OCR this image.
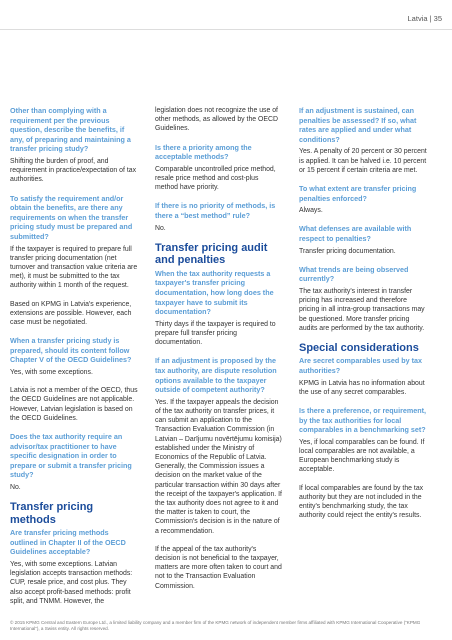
Latvia | 35

Other than complying with a requirement per the previous question, describe the benefits, if any, of preparing and maintaining a transfer pricing study?

Shifting the burden of proof, and requirement in practice/expectation of tax authorities.

To satisfy the requirement and/or obtain the benefits, are there any requirements on when the transfer pricing study must be prepared and submitted?

If the taxpayer is required to prepare full transfer pricing documentation (net turnover and transaction value criteria are met), it must be submitted to the tax authority within 1 month of the request.

Based on KPMG in Latvia's experience, extensions are possible. However, each case must be negotiated.

When a transfer pricing study is prepared, should its content follow Chapter V of the OECD Guidelines?

Yes, with some exceptions.

Latvia is not a member of the OECD, thus the OECD Guidelines are not applicable. However, Latvian legislation is based on the OECD Guidelines.

Does the tax authority require an advisor/tax practitioner to have specific designation in order to prepare or submit a transfer pricing study?

No.

Transfer pricing methods

Are transfer pricing methods outlined in Chapter II of the OECD Guidelines acceptable?

Yes, with some exceptions. Latvian legislation accepts transaction methods: CUP, resale price, and cost plus. They also accept profit-based methods: profit split, and TNMM. However, the

legislation does not recognize the use of other methods, as allowed by the OECD Guidelines.

Is there a priority among the acceptable methods?

Comparable uncontrolled price method, resale price method and cost-plus method have priority.

If there is no priority of methods, is there a “best method” rule?

No.

Transfer pricing audit and penalties

When the tax authority requests a taxpayer's transfer pricing documentation, how long does the taxpayer have to submit its documentation?

Thirty days if the taxpayer is required to prepare full transfer pricing documentation.

If an adjustment is proposed by the tax authority, are dispute resolution options available to the taxpayer outside of competent authority?

Yes. If the taxpayer appeals the decision of the tax authority on transfer prices, it can submit an application to the Transaction Evaluation Commission (in Latvian – Darījumu novērtējumu komisija) established under the Ministry of Economics of the Republic of Latvia. Generally, the Commission issues a decision on the market value of the particular transaction within 30 days after the receipt of the taxpayer's application. If the tax authority does not agree to it and the matter is taken to court, the Commission's decision is in the nature of a recommendation.

If the appeal of the tax authority's decision is not beneficial to the taxpayer, matters are more often taken to court and not to the Transaction Evaluation Commission.

If an adjustment is sustained, can penalties be assessed? If so, what rates are applied and under what conditions?

Yes. A penalty of 20 percent or 30 percent is applied. It can be halved i.e. 10 percent or 15 percent if certain criteria are met.

To what extent are transfer pricing penalties enforced?

Always.

What defenses are available with respect to penalties?

Transfer pricing documentation.

What trends are being observed currently?

The tax authority's interest in transfer pricing has increased and therefore pricing in all intra-group transactions may be questioned. More transfer pricing audits are performed by the tax authority.

Special considerations

Are secret comparables used by tax authorities?

KPMG in Latvia has no information about the use of any secret comparables.

Is there a preference, or requirement, by the tax authorities for local comparables in a benchmarking set?

Yes, if local comparables can be found. If local comparables are not available, a European benchmarking study is acceptable.

If local comparables are found by the tax authority but they are not included in the entity's benchmarking study, the tax authority could reject the entity's results.

© 2015 KPMG Central and Eastern Europe Ltd., a limited liability company and a member firm of the KPMG network of independent member firms affiliated with KPMG International Cooperative (“KPMG International”), a Swiss entity. All rights reserved.
